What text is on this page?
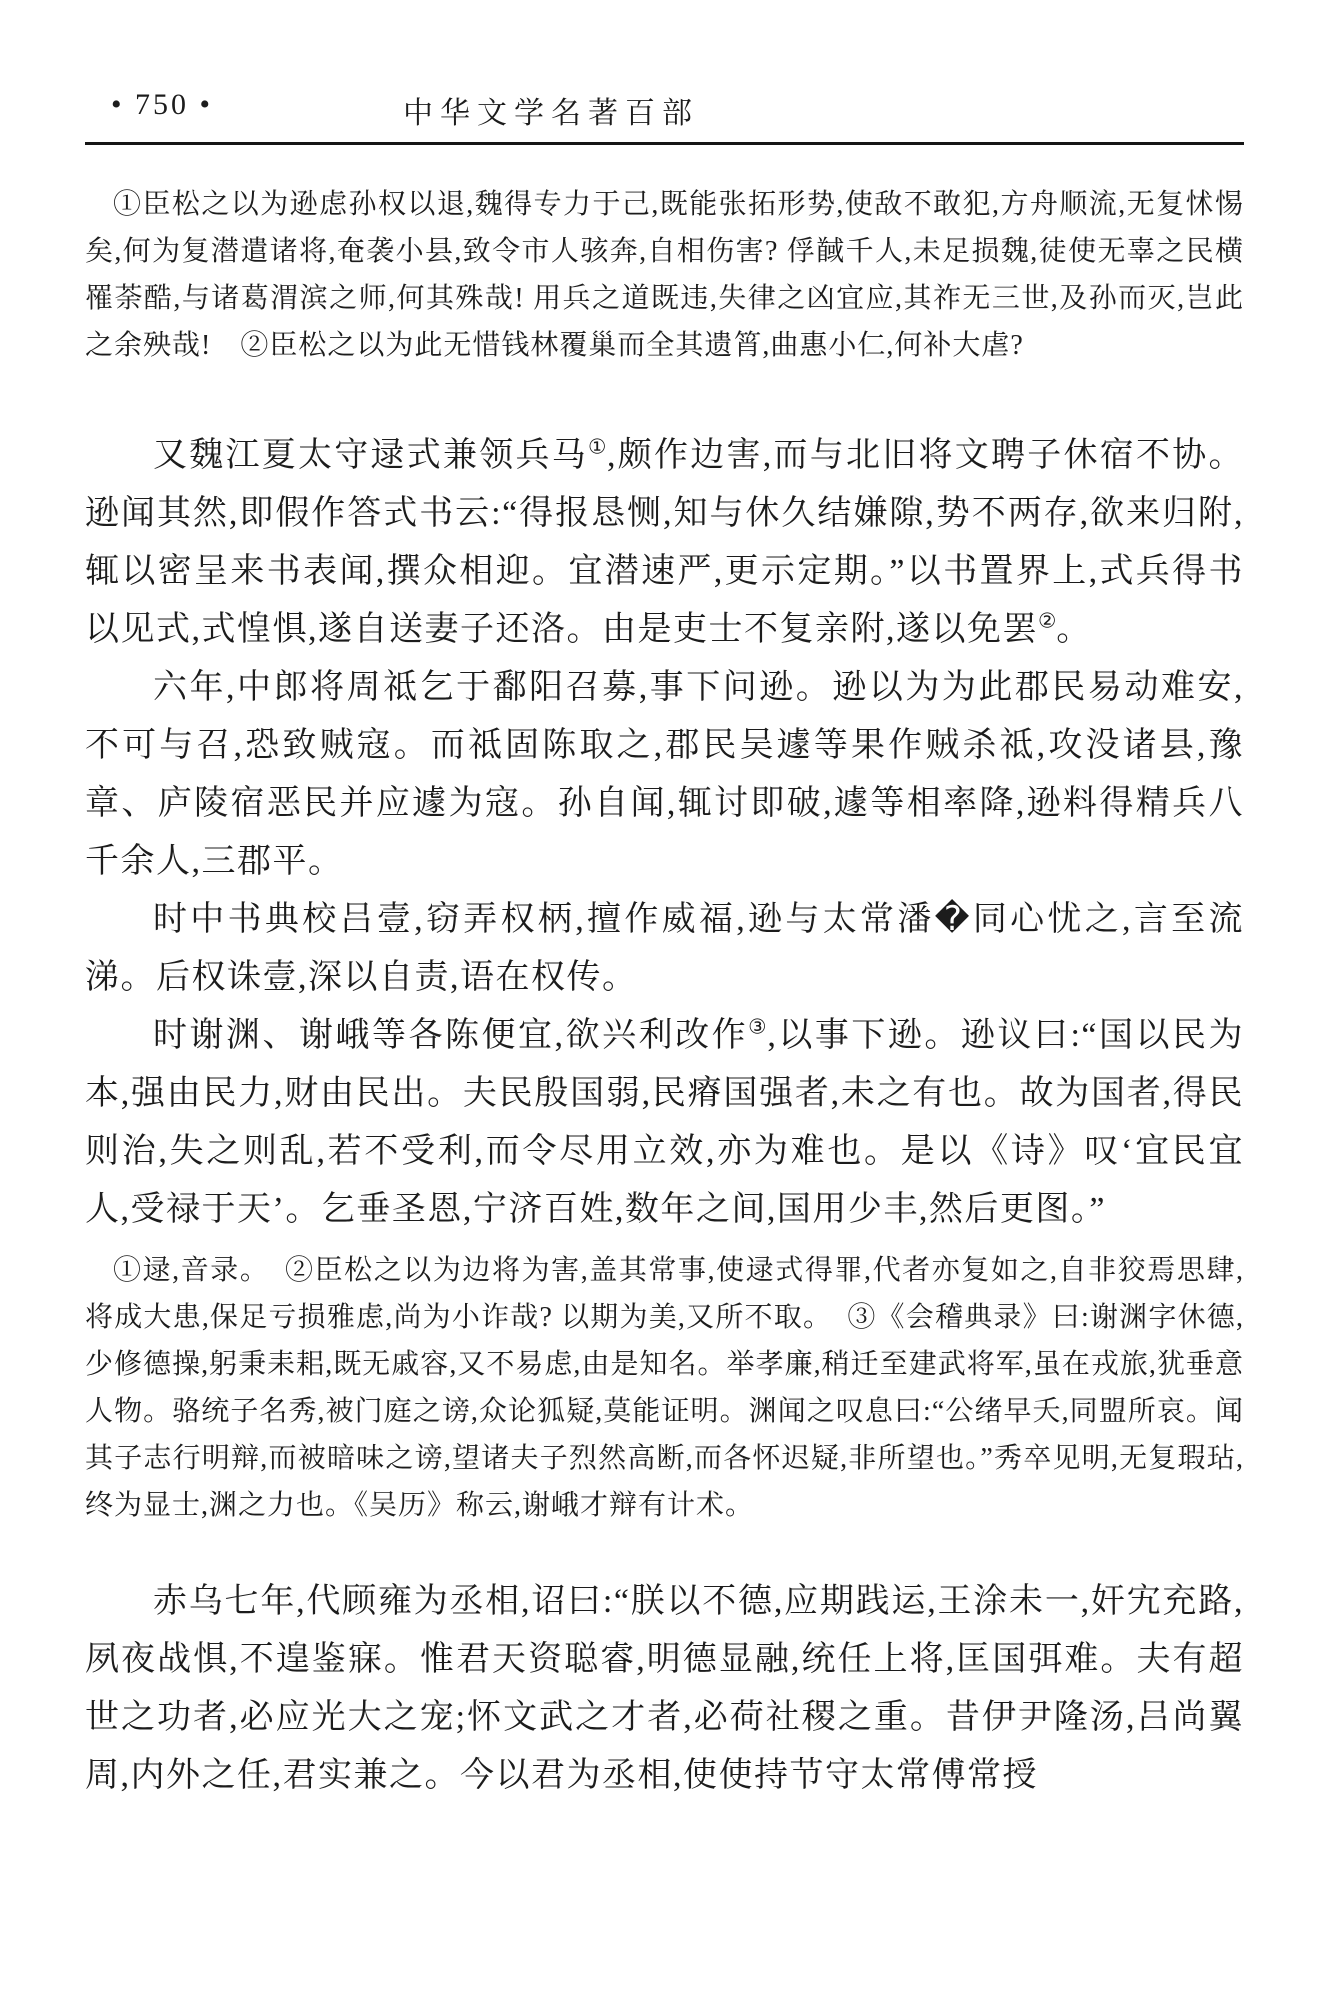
• 750 •	中华文学名著百部

①臣松之以为逊虑孙权以退,魏得专力于己,既能张拓形势,使敌不敢犯,方舟顺流,无复怵惕矣,何为复潜遣诸将,奄袭小县,致令市人骇奔,自相伤害? 俘馘千人,未足损魏,徒使无辜之民横罹荼酷,与诸葛渭滨之师,何其殊哉! 用兵之道既违,失律之凶宜应,其祚无三世,及孙而灭,岂此之余殃哉!　②臣松之以为此无惜钱林覆巢而全其遗筲,曲惠小仁,何补大虐?

又魏江夏太守逯式兼领兵马①,颇作边害,而与北旧将文聘子休宿不协。逊闻其然,即假作答式书云:“得报恳恻,知与休久结嫌隙,势不两存,欲来归附,辄以密呈来书表闻,撰众相迎。宜潜速严,更示定期。”以书置界上,式兵得书以见式,式惶惧,遂自送妻子还洛。由是吏士不复亲附,遂以免罢②。

六年,中郎将周祗乞于鄱阳召募,事下问逊。逊以为为此郡民易动难安,不可与召,恐致贼寇。而祗固陈取之,郡民吴遽等果作贼杀祗,攻没诸县,豫章、庐陵宿恶民并应遽为寇。孙自闻,辄讨即破,遽等相率降,逊料得精兵八千余人,三郡平。

时中书典校吕壹,窃弄权柄,擅作威福,逊与太常潘�同心忧之,言至流涕。后权诛壹,深以自责,语在权传。

时谢渊、谢峨等各陈便宜,欲兴利改作③,以事下逊。逊议曰:“国以民为本,强由民力,财由民出。夫民殷国弱,民瘠国强者,未之有也。故为国者,得民则治,失之则乱,若不受利,而令尽用立效,亦为难也。是以《诗》叹‘宜民宜人,受禄于天’。乞垂圣恩,宁济百姓,数年之间,国用少丰,然后更图。”

①逯,音录。　②臣松之以为边将为害,盖其常事,使逯式得罪,代者亦复如之,自非狡焉思肆,将成大患,保足亏损雅虑,尚为小诈哉? 以期为美,又所不取。　③《会稽典录》曰:谢渊字休德,少修德操,躬秉耒耜,既无戚容,又不易虑,由是知名。举孝廉,稍迁至建武将军,虽在戎旅,犹垂意人物。骆统子名秀,被门庭之谤,众论狐疑,莫能证明。渊闻之叹息曰:“公绪早夭,同盟所哀。闻其子志行明辩,而被暗味之谤,望诸夫子烈然高断,而各怀迟疑,非所望也。”秀卒见明,无复瑕玷,终为显士,渊之力也。《吴历》称云,谢峨才辩有计术。

赤乌七年,代顾雍为丞相,诏曰:“朕以不德,应期践运,王涂未一,奸宄充路,夙夜战惧,不遑鉴寐。惟君天资聪睿,明德显融,统任上将,匡国弭难。夫有超世之功者,必应光大之宠;怀文武之才者,必荷社稷之重。昔伊尹隆汤,吕尚翼周,内外之任,君实兼之。今以君为丞相,使使持节守太常傅常授
